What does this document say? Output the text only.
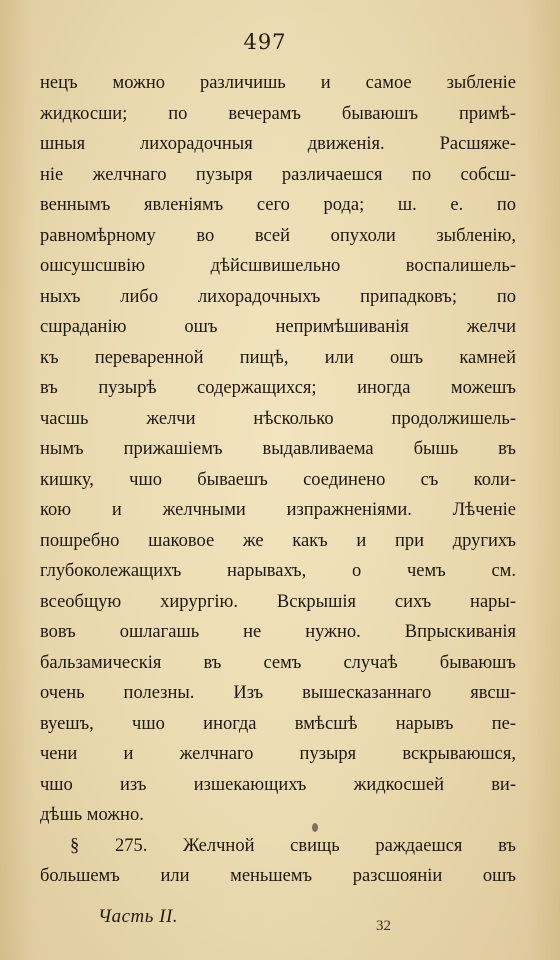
497
нецъ можно различишь и самое зыбленіе
жидкосши; по вечерамъ бываюшъ примѣ-
шныя лихорадочныя движенія. Расшяже-
ніе желчнаго пузыря различаешся по собсш-
веннымъ явленіямъ сего рода; ш. е. по
равномѣрному во всей опухоли зыбленію,
ошсушсшвію дѣйсшвишельно воспалишель-
ныхъ либо лихорадочныхъ припадковъ; по
сшраданію ошъ непримѣшиванія желчи
къ переваренной пищѣ, или ошъ камней
въ пузырѣ содержащихся; иногда можешъ
часшь желчи нѣсколько продолжишель-
нымъ прижашіемъ выдавливаема бышь въ
кишку, чшо бываешъ соединено съ коли-
кою и желчными изпражненіями. Лѣченіе
пошребно шаковое же какъ и при другихъ
глубоколежащихъ нарывахъ, о чемъ см.
всеобщую хирургію. Вскрышія сихъ нары-
вовъ ошлагашь не нужно. Впрыскиванія
бальзамическія въ семъ случаѣ бываюшъ
очень полезны. Изъ вышесказаннаго явсш-
вуешъ, чшо иногда вмѣсшѣ нарывъ пе-
чени и желчнаго пузыря вскрываюшся,
чшо изъ изшекающихъ жидкосшей ви-
дѣшь можно.
§ 275. Желчной свищь раждаешся въ
большемъ или меньшемъ разсшояніи ошъ
Часть II.	32
